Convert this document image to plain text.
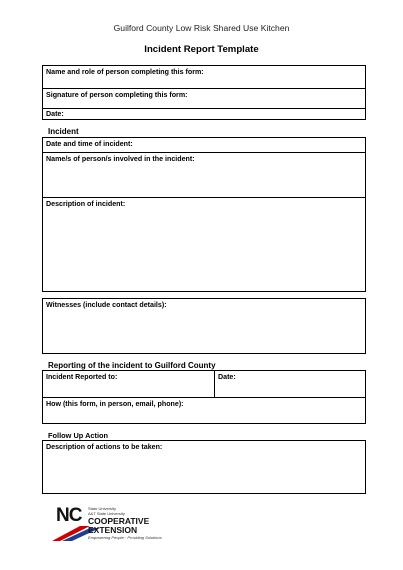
Guilford County Low Risk Shared Use Kitchen
Incident Report Template
Name and role of person completing this form:
Signature of person completing this form:
Date:
Incident
Date and time of incident:
Name/s of person/s involved in the incident:
Description of incident:
Witnesses (include contact details):
Reporting of the incident to Guilford County
Incident Reported to:	Date:
How (this form, in person, email, phone):
Follow Up Action
Description of actions to be taken:
NC State University
A&T State University
COOPERATIVE
EXTENSION
Empowering People · Providing Solutions
